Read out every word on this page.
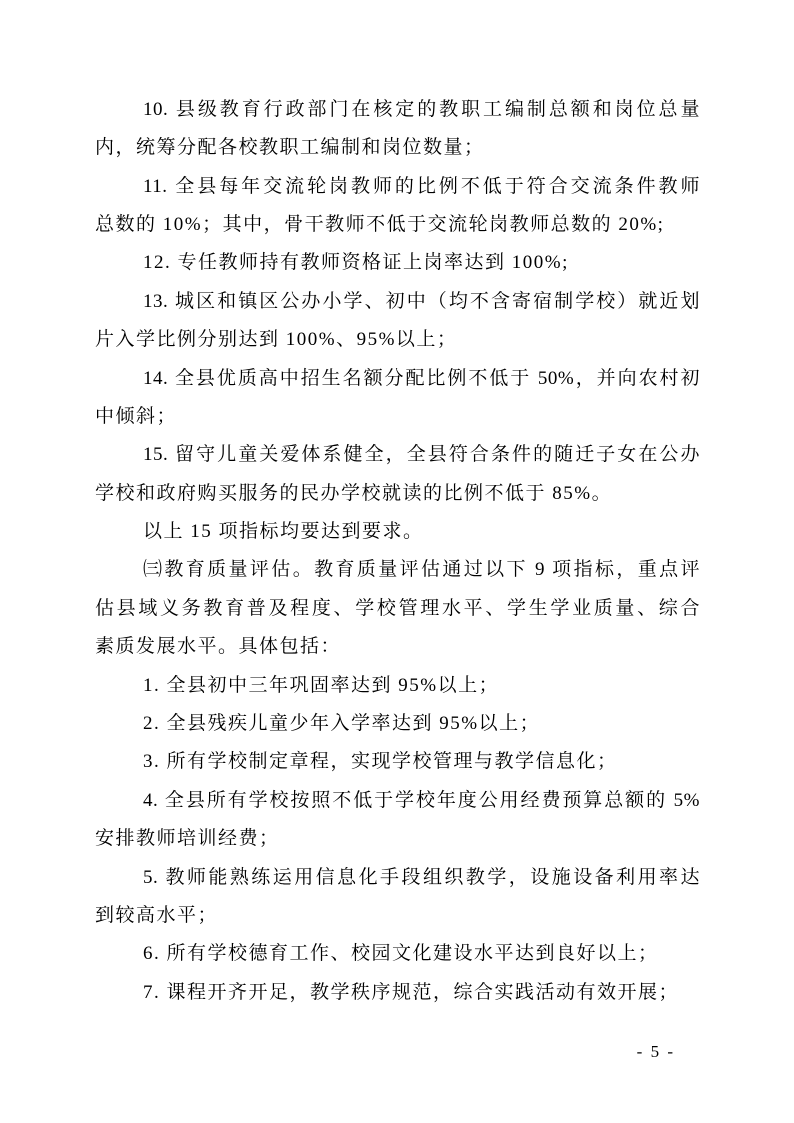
10. 县级教育行政部门在核定的教职工编制总额和岗位总量
内，统筹分配各校教职工编制和岗位数量；
11. 全县每年交流轮岗教师的比例不低于符合交流条件教师
总数的 10%；其中，骨干教师不低于交流轮岗教师总数的 20%;
12. 专任教师持有教师资格证上岗率达到 100%;
13. 城区和镇区公办小学、初中（均不含寄宿制学校）就近划
片入学比例分别达到 100%、95%以上；
14. 全县优质高中招生名额分配比例不低于 50%，并向农村初
中倾斜；
15. 留守儿童关爱体系健全，全县符合条件的随迁子女在公办
学校和政府购买服务的民办学校就读的比例不低于 85%。
以上 15 项指标均要达到要求。
㈢教育质量评估。教育质量评估通过以下 9 项指标，重点评
估县域义务教育普及程度、学校管理水平、学生学业质量、综合
素质发展水平。具体包括：
1. 全县初中三年巩固率达到 95%以上；
2. 全县残疾儿童少年入学率达到 95%以上；
3. 所有学校制定章程，实现学校管理与教学信息化；
4. 全县所有学校按照不低于学校年度公用经费预算总额的 5%
安排教师培训经费；
5. 教师能熟练运用信息化手段组织教学，设施设备利用率达
到较高水平；
6. 所有学校德育工作、校园文化建设水平达到良好以上；
7. 课程开齐开足，教学秩序规范，综合实践活动有效开展；
- 5 -
